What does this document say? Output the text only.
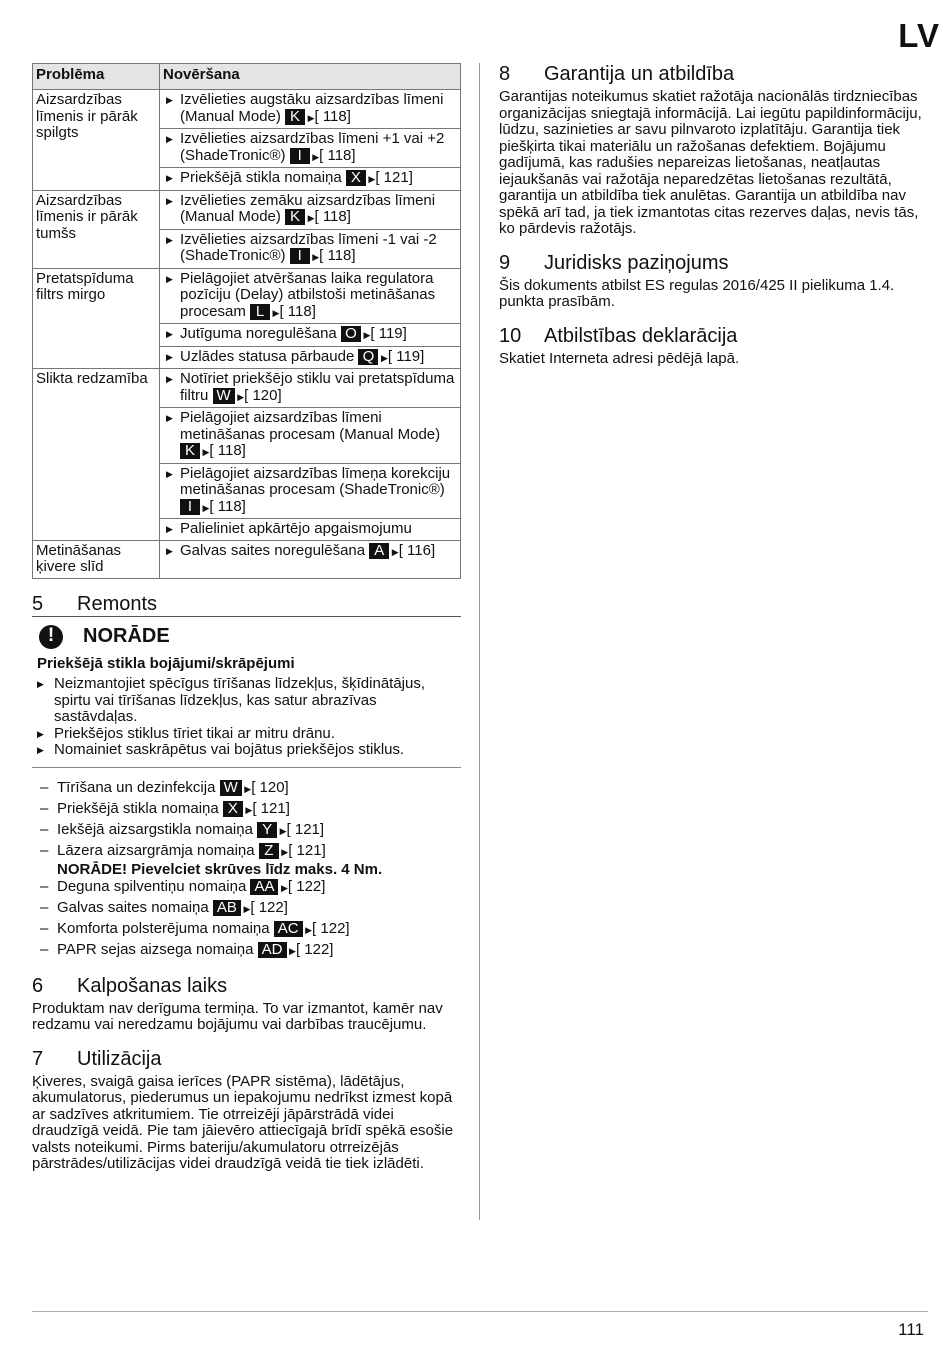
LV
Problēma	Novēršana
Aizsardzības līmenis ir pārāk spilgts	▶ Izvēlieties augstāku aizsardzības līmeni (Manual Mode) K ▶[ 118]

	▶ Izvēlieties aizsardzības līmeni +1 vai +2 (ShadeTronic®) I ▶[ 118]

	▶ Priekšējā stikla nomaiņa X ▶[ 121]

Aizsardzības līmenis ir pārāk tumšs	▶ Izvēlieties zemāku aizsardzības līmeni (Manual Mode) K ▶[ 118]

	▶ Izvēlieties aizsardzības līmeni -1 vai -2 (ShadeTronic®) I ▶[ 118]

Pretatspīduma filtrs mirgo	▶ Pielāgojiet atvēršanas laika regulatora pozīciju (Delay) atbilstoši metināšanas procesam L ▶[ 118]

	▶ Jutīguma noregulēšana O ▶[ 119]

	▶ Uzlādes statusa pārbaude Q ▶[ 119]

Slikta redzamība	▶ Notīriet priekšējo stiklu vai pretatspīduma filtru W ▶[ 120]

	▶ Pielāgojiet aizsardzības līmeni metināšanas procesam (Manual Mode) K ▶[ 118]

	▶ Pielāgojiet aizsardzības līmeņa korekciju metināšanas procesam (ShadeTronic®) I ▶[ 118]

	▶ Palieliniet apkārtējo apgaismojumu

Metināšanas ķivere slīd	▶ Galvas saites noregulēšana A ▶[ 116]
5	Remonts
!	NORĀDE
Priekšējā stikla bojājumi/skrāpējumi
▶ Neizmantojiet spēcīgus tīrīšanas līdzekļus, šķīdinātājus, spirtu vai tīrīšanas līdzekļus, kas satur abrazīvas sastāvdaļas.
▶ Priekšējos stiklus tīriet tikai ar mitru drānu.
▶ Nomainiet saskrāpētus vai bojātus priekšējos stiklus.
– Tīrīšana un dezinfekcija W ▶[ 120]
– Priekšējā stikla nomaiņa X ▶[ 121]
– Iekšējā aizsargstikla nomaiņa Y ▶[ 121]
– Lāzera aizsargrāmja nomaiņa Z ▶[ 121]
NORĀDE! Pievelciet skrūves līdz maks. 4 Nm.
– Deguna spilventiņu nomaiņa AA ▶[ 122]
– Galvas saites nomaiņa AB ▶[ 122]
– Komforta polsterējuma nomaiņa AC ▶[ 122]
– PAPR sejas aizsega nomaiņa AD ▶[ 122]
6	Kalpošanas laiks

Produktam nav derīguma termiņa. To var izmantot, kamēr nav redzamu vai neredzamu bojājumu vai darbības traucējumu.

7	Utilizācija

Ķiveres, svaigā gaisa ierīces (PAPR sistēma), lādētājus, akumulatorus, piederumus un iepakojumu nedrīkst izmest kopā ar sadzīves atkritumiem. Tie otrreizēji jāpārstrādā videi draudzīgā veidā. Pie tam jāievēro attiecīgajā brīdī spēkā esošie valsts noteikumi. Pirms bateriju/akumulatoru otrreizējās pārstrādes/utilizācijas videi draudzīgā veidā tie tiek izlādēti.

8	Garantija un atbildība

Garantijas noteikumus skatiet ražotāja nacionālās tirdzniecības organizācijas sniegtajā informācijā. Lai iegūtu papildinformāciju, lūdzu, sazinieties ar savu pilnvaroto izplatītāju. Garantija tiek piešķirta tikai materiālu un ražošanas defektiem. Bojājumu gadījumā, kas radušies nepareizas lietošanas, neatļautas iejaukšanās vai ražotāja neparedzētas lietošanas rezultātā, garantija un atbildība tiek anulētas. Garantija un atbildība nav spēkā arī tad, ja tiek izmantotas citas rezerves daļas, nevis tās, ko pārdevis ražotājs.

9	Juridisks paziņojums

Šis dokuments atbilst ES regulas 2016/425 II pielikuma 1.4. punkta prasībām.

10	Atbilstības deklarācija

Skatiet Interneta adresi pēdējā lapā.

111
